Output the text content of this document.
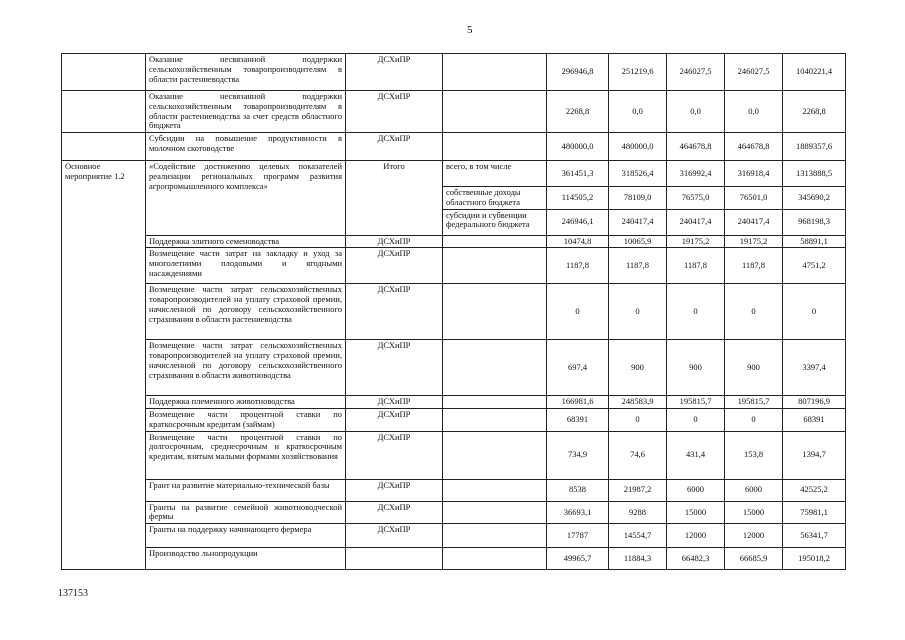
5
	Оказание несвязанной поддержки сельскохозяйственным товаропроизводителям в области растениеводства	ДСХиПР		296946,8	251219,6	246027,5	246027,5	1040221,4
	Оказание несвязанной поддержки сельскохозяйственным товаропроизводителям в области растениеводства за счет средств областного бюджета	ДСХиПР		2268,8	0,0	0,0	0,0	2268,8
	Субсидии на повышение продуктивности в молочном скотоводстве	ДСХиПР		480000,0	480000,0	464678,8	464678,8	1889357,6
Основное мероприятие 1.2	«Содействие достижению целевых показателей реализации региональных программ развития агропромышленного комплекса»	Итого	всего, в том числе	361451,3	318526,4	316992,4	316918,4	1313888,5
			собственные доходы областного бюджета	114505,2	78109,0	76575,0	76501,0	345690,2
			субсидии и субвенции федерального бюджета	246946,1	240417,4	240417,4	240417,4	968198,3
	Поддержка элитного семеноводства	ДСХиПР		10474,8	10065,9	19175,2	19175,2	58891,1
	Возмещение части затрат на закладку и уход за многолетними плодовыми и ягодными насаждениями	ДСХиПР		1187,8	1187,8	1187,8	1187,8	4751,2
	Возмещение части затрат сельскохозяйственных товаропроизводителей на уплату страховой премии, начисленной по договору сельскохозяйственного страхования в области растениеводства	ДСХиПР		0	0	0	0	0
	Возмещение части затрат сельскохозяйственных товаропроизводителей на уплату страховой премии, начисленной по договору сельскохозяйственного страхования в области животноводства	ДСХиПР		697,4	900	900	900	3397,4
	Поддержка племенного животноводства	ДСХиПР		166981,6	248583,9	195815,7	195815,7	807196,9
	Возмещение части процентной ставки по краткосрочным кредитам (займам)	ДСХиПР		68391	0	0	0	68391
	Возмещение части процентной ставки по долгосрочным, среднесрочным и краткосрочным кредитам, взятым малыми формами хозяйствования	ДСХиПР		734,9	74,6	431,4	153,8	1394,7
	Грант на развитие материально-технической базы	ДСХиПР		8538	21987,2	6000	6000	42525,2
	Гранты на развитие семейной животноводческой фермы	ДСХиПР		36693,1	9288	15000	15000	75981,1
	Гранты на поддержку начинающего фермера	ДСХиПР		17787	14554,7	12000	12000	56341,7
	Производство льнопродукции			49965,7	11884,3	66482,3	66685,9	195018,2
137153
